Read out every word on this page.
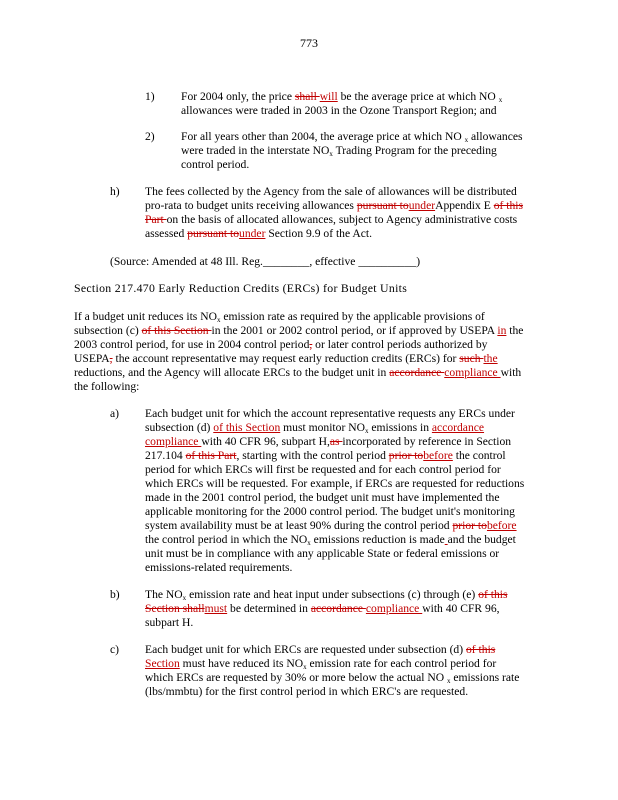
773
1) For 2004 only, the price shall will be the average price at which NO $_x$
allowances were traded in 2003 in the Ozone Transport Region; and
2) For all years other than 2004, the average price at which NO $_x$ allowances
were traded in the interstate $NO_x$ Trading Program for the preceding
control period.
h) The fees collected by the Agency from the sale of allowances will be distributed
pro-rata to budget units receiving allowances pursuant tounderAppendix E of this
Part on the basis of allocated allowances, subject to Agency administrative costs
assessed pursuant tounder Section 9.9 of the Act.
(Source: Amended at 48 Ill. Reg.________, effective __________)
Section 217.470 Early Reduction Credits (ERCs) for Budget Units
If a budget unit reduces its $NO_x$ emission rate as required by the applicable provisions of
subsection (c) of this Section in the 2001 or 2002 control period, or if approved by USEPA in the
2003 control period, for use in 2004 control period, or later control periods authorized by
USEPA, the account representative may request early reduction credits (ERCs) for such the
reductions, and the Agency will allocate ERCs to the budget unit in accordance compliance with
the following:
a) Each budget unit for which the account representative requests any ERCs under
subsection (d) of this Section must monitor $NO_x$ emissions in accordance
compliance with 40 CFR 96, subpart H,as incorporated by reference in Section
217.104 of this Part, starting with the control period prior tobefore the control
period for which ERCs will first be requested and for each control period for
which ERCs will be requested. For example, if ERCs are requested for reductions
made in the 2001 control period, the budget unit must have implemented the
applicable monitoring for the 2000 control period. The budget unit's monitoring
system availability must be at least 90% during the control period prior tobefore
the control period in which the $NO_x$ emissions reduction is made and the budget
unit must be in compliance with any applicable State or federal emissions or
emissions-related requirements.
b) The $NO_x$ emission rate and heat input under subsections (c) through (e) of this
Section shallmust be determined in accordance compliance with 40 CFR 96,
subpart H.
c) Each budget unit for which ERCs are requested under subsection (d) of this
Section must have reduced its $NO_x$ emission rate for each control period for
which ERCs are requested by 30% or more below the actual NO $_x$ emissions rate
(lbs/mmbtu) for the first control period in which ERC's are requested.
